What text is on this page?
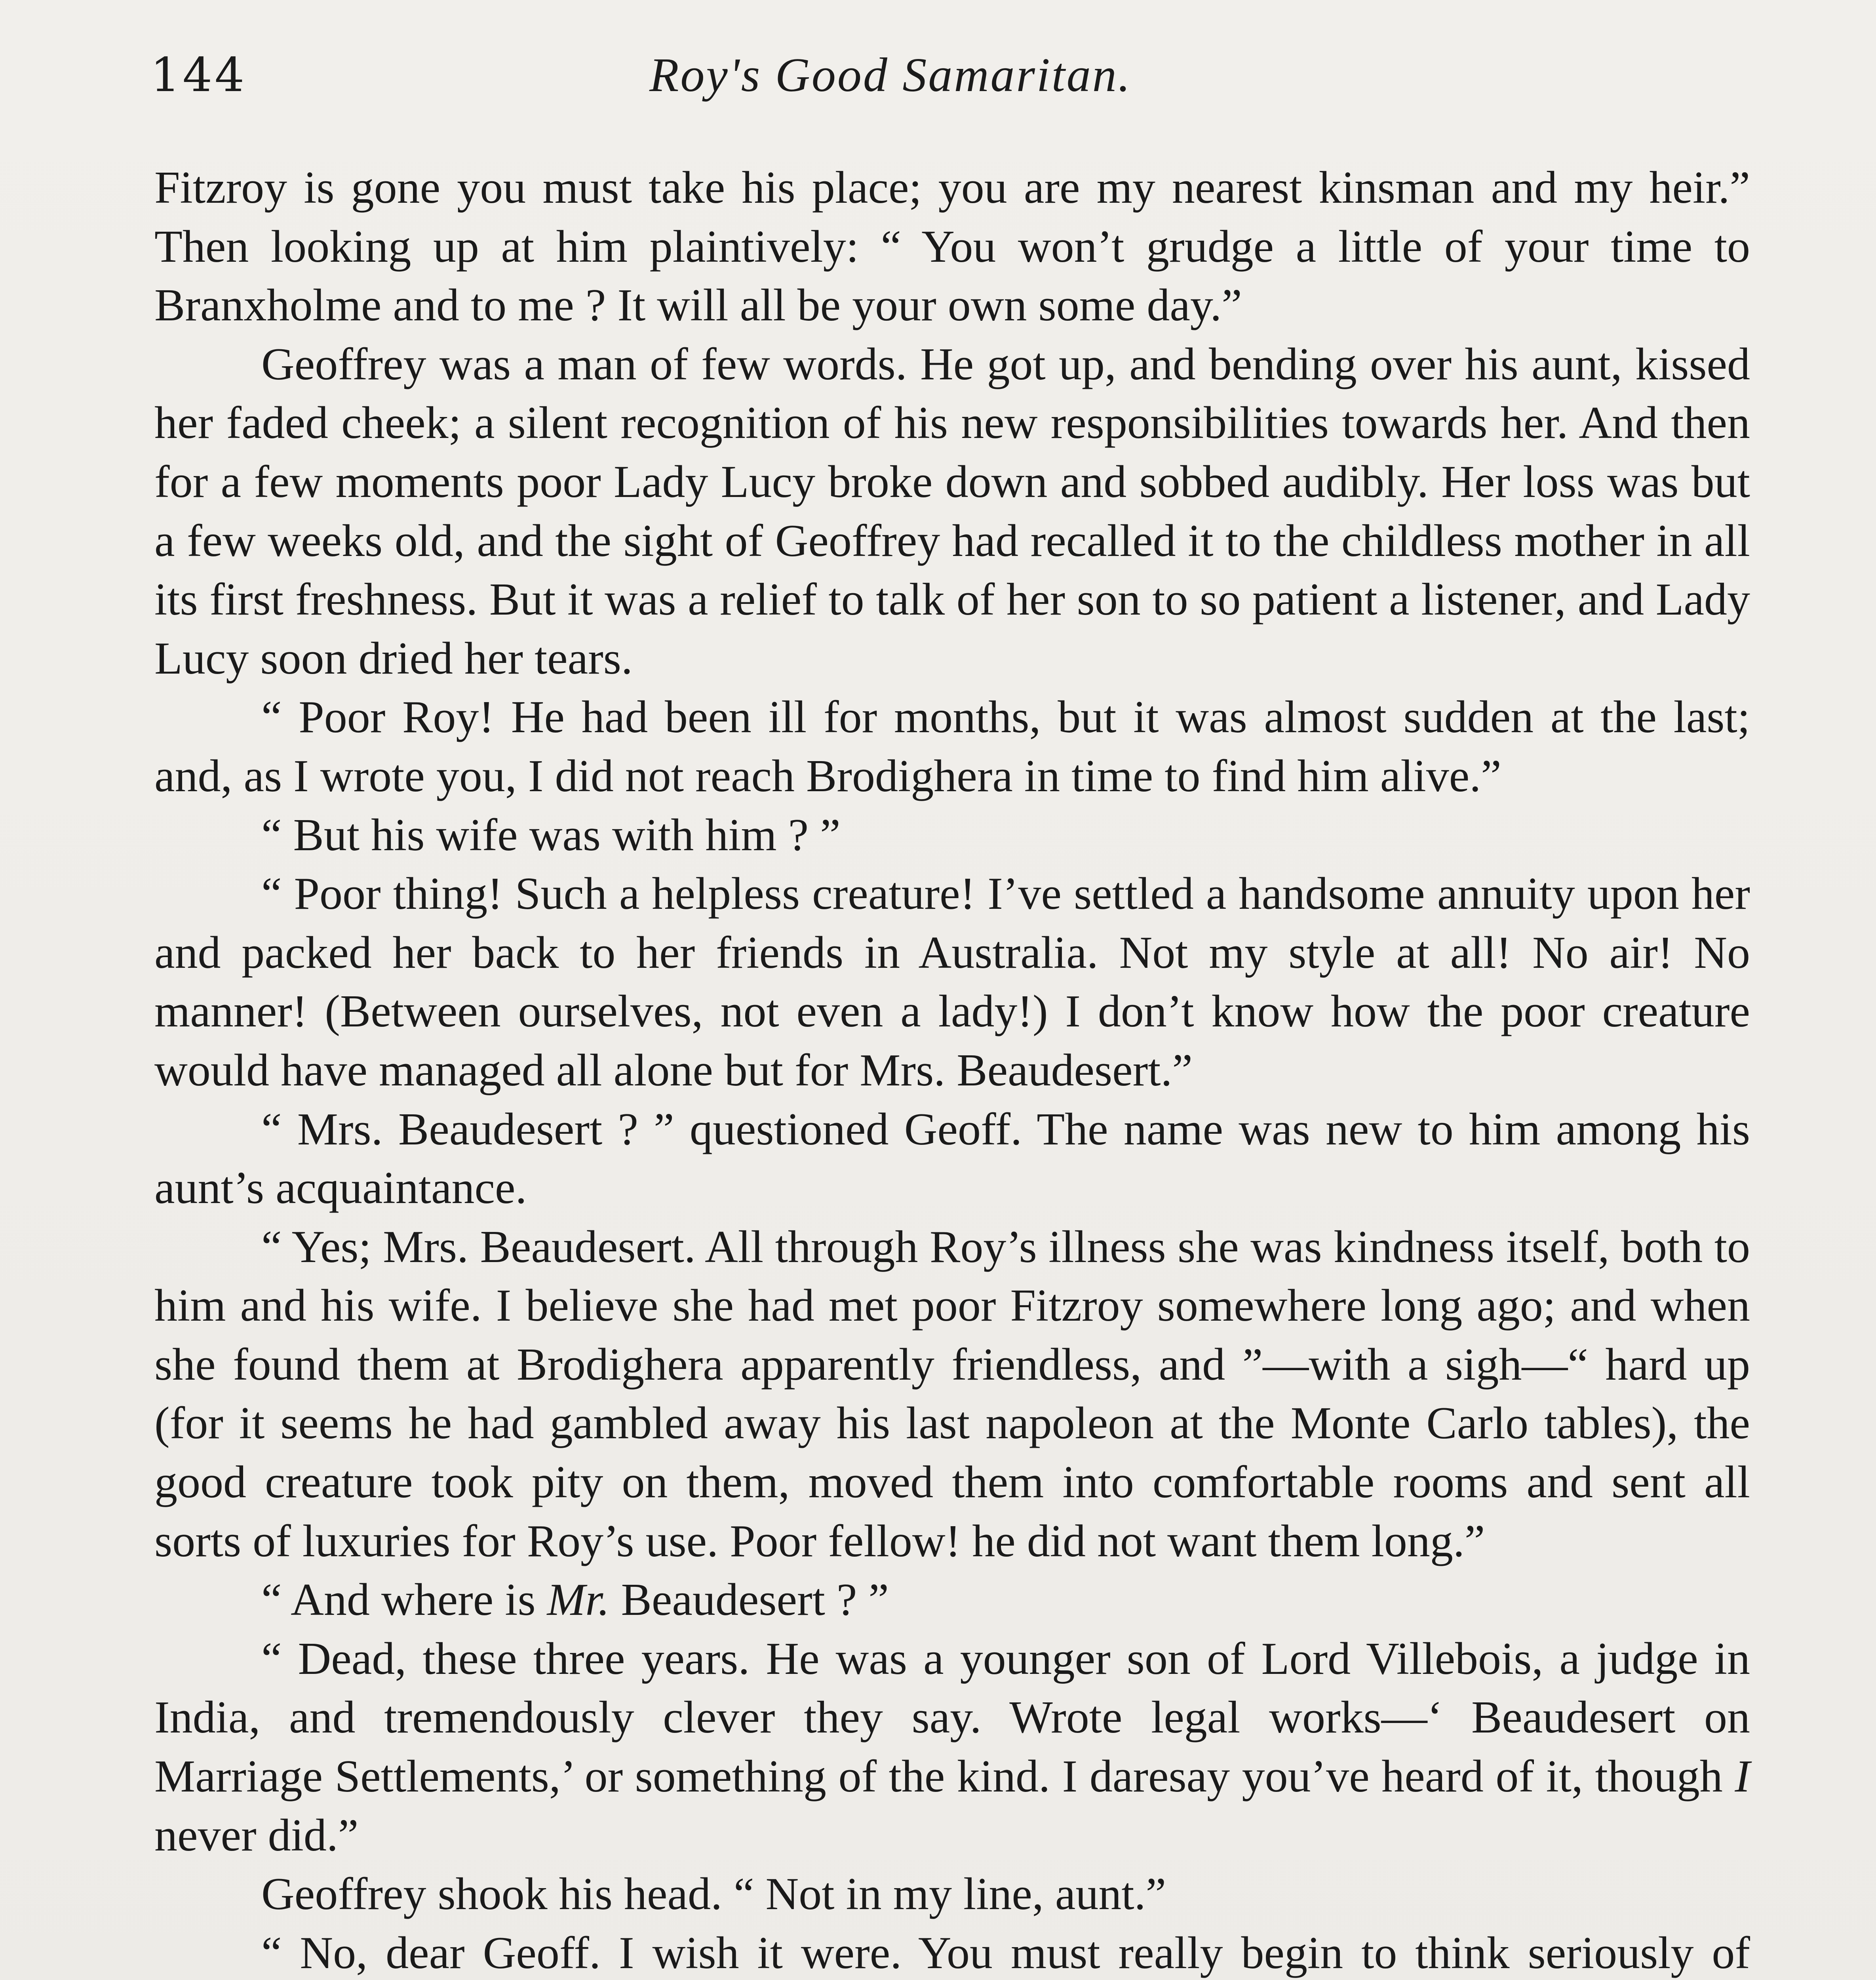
144	Roy's Good Samaritan.

Fitzroy is gone you must take his place; you are my nearest kinsman and my heir.” Then looking up at him plaintively: “ You won’t grudge a little of your time to Branxholme and to me ? It will all be your own some day.”

Geoffrey was a man of few words. He got up, and bending over his aunt, kissed her faded cheek; a silent recognition of his new responsibilities towards her. And then for a few moments poor Lady Lucy broke down and sobbed audibly. Her loss was but a few weeks old, and the sight of Geoffrey had recalled it to the childless mother in all its first freshness. But it was a relief to talk of her son to so patient a listener, and Lady Lucy soon dried her tears.

“ Poor Roy! He had been ill for months, but it was almost sudden at the last; and, as I wrote you, I did not reach Brodighera in time to find him alive.”

“ But his wife was with him ? ”

“ Poor thing! Such a helpless creature! I’ve settled a handsome annuity upon her and packed her back to her friends in Australia. Not my style at all! No air! No manner! (Between ourselves, not even a lady!) I don’t know how the poor creature would have managed all alone but for Mrs. Beaudesert.”

“ Mrs. Beaudesert ? ” questioned Geoff. The name was new to him among his aunt’s acquaintance.

“ Yes; Mrs. Beaudesert. All through Roy’s illness she was kindness itself, both to him and his wife. I believe she had met poor Fitzroy somewhere long ago; and when she found them at Brodighera apparently friendless, and ”—with a sigh—“ hard up (for it seems he had gambled away his last napoleon at the Monte Carlo tables), the good creature took pity on them, moved them into comfortable rooms and sent all sorts of luxuries for Roy’s use. Poor fellow! he did not want them long.”

“ And where is Mr. Beaudesert ? ”

“ Dead, these three years. He was a younger son of Lord Villebois, a judge in India, and tremendously clever they say. Wrote legal works—‘ Beaudesert on Marriage Settlements,’ or something of the kind. I daresay you’ve heard of it, though I never did.”

Geoffrey shook his head. “ Not in my line, aunt.”

“ No, dear Geoff. I wish it were. You must really begin to think seriously of
